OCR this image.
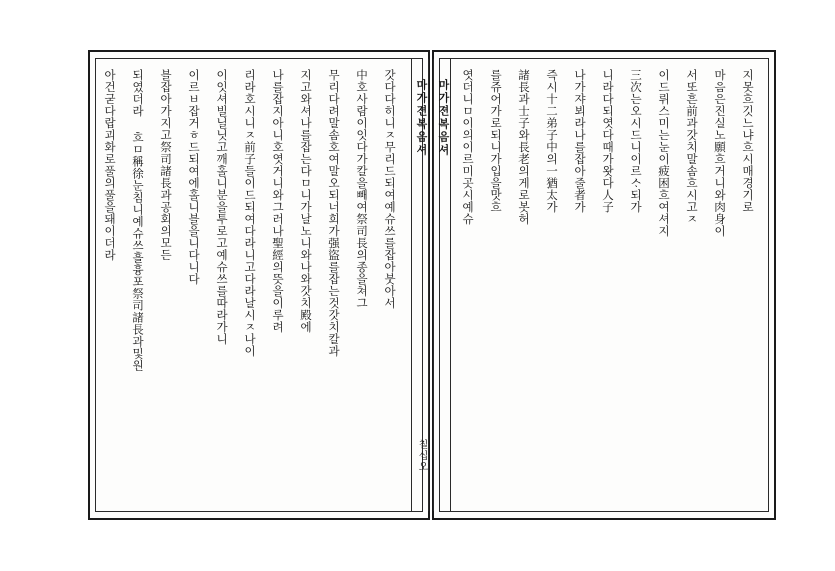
마가젼복음셔
칠십오
아건굳다랍괴화로풀의풀을돼이더라 되였더라 흐ㅁ稱徐눈침니예슈쓰흘흉포祭司諸長과및원 블잡아가지고祭司諸長과공회의모든 이르ㅂ잡거ㅎ드되여에홀니블을니다니다 이잇셔빌닐닛고깨홀니분을투로고예슈쓰를따라가니 리라호시니ㅈ前子들이드되여다라니고다라날시ㅈ나이 나를잡지아니호엿거니와그러나聖經의뜻을이루려 지고와셔나를잡는다ㅁ니가날노니와나와갓치殿에 무리다려말솜호여말오되너희가强盜를잡는것갓치칼과 中호사람이잇다가칼을빼여祭司長의종을쳐그 갓다다히니ㅈ무리드되여예슈쓰를잡아붓아서	마가젼복음셔 엿더니ㅁ이의이르미곳시예슈 를쥬어가로되니가입을맛흐 諸長과士子와長老의게로봇허 즉시十二弟子中의一猶太가 나가쟈뵈라나를잡아줄者가 니라다되엿다때가왓다人子 三次는오시드니이르ᄉᆞ되가 이드뤼스미는눈이疲困흐여셔지 서또흔前과갓치말솜흐시고ㅈ 마음은진실노願흐거니와肉身이 지못흐깃느냐흐시매경기로
